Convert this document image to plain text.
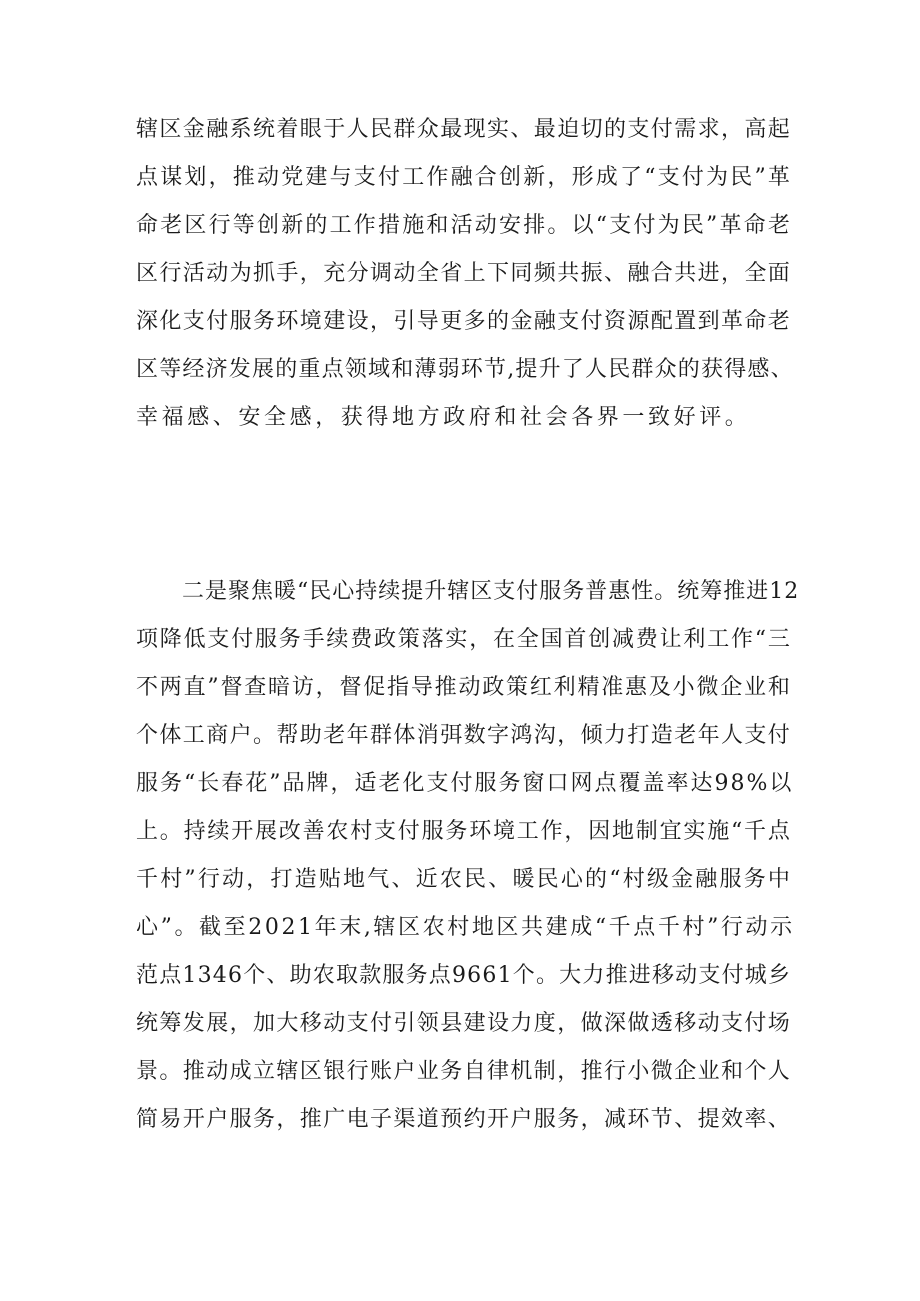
辖区金融系统着眼于人民群众最现实、最迫切的支付需求，高起
点谋划，推动党建与支付工作融合创新，形成了“支付为民”革
命老区行等创新的工作措施和活动安排。以“支付为民”革命老
区行活动为抓手，充分调动全省上下同频共振、融合共进，全面
深化支付服务环境建设，引导更多的金融支付资源配置到革命老
区等经济发展的重点领域和薄弱环节,提升了人民群众的获得感、
幸福感、安全感，获得地方政府和社会各界一致好评。
二是聚焦暖“民心持续提升辖区支付服务普惠性。统筹推进12
项降低支付服务手续费政策落实，在全国首创减费让利工作“三
不两直”督查暗访，督促指导推动政策红利精准惠及小微企业和
个体工商户。帮助老年群体消弭数字鸿沟，倾力打造老年人支付
服务“长春花”品牌，适老化支付服务窗口网点覆盖率达98%以
上。持续开展改善农村支付服务环境工作，因地制宜实施“千点
千村”行动，打造贴地气、近农民、暖民心的“村级金融服务中
心”。截至2021年末,辖区农村地区共建成“千点千村”行动示
范点1346个、助农取款服务点9661个。大力推进移动支付城乡
统筹发展，加大移动支付引领县建设力度，做深做透移动支付场
景。推动成立辖区银行账户业务自律机制，推行小微企业和个人
简易开户服务，推广电子渠道预约开户服务，减环节、提效率、
